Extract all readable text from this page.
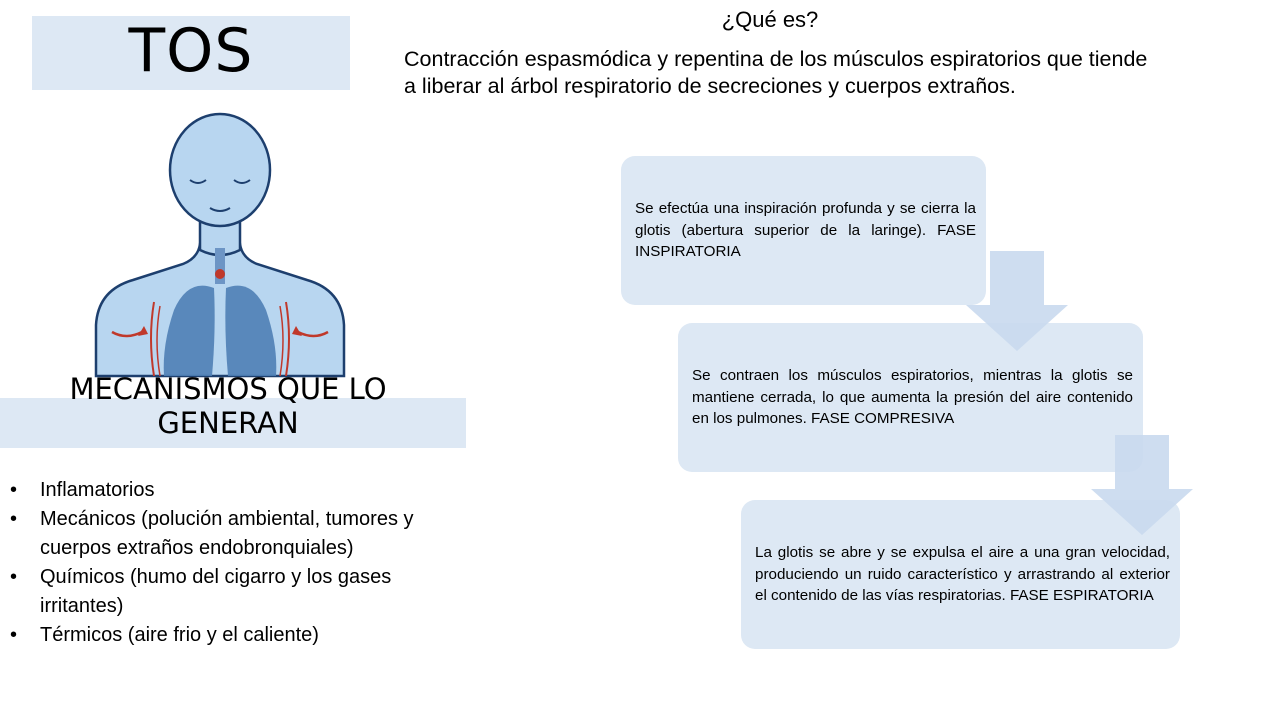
TOS	¿Qué es?
Contracción espasmódica y repentina de los músculos espiratorios que tiende a liberar al árbol respiratorio de secreciones y cuerpos extraños.
MECANISMOS QUE LO GENERAN
• Inflamatorios
• Mecánicos (polución ambiental, tumores y cuerpos extraños endobronquiales)
• Químicos (humo del cigarro y los gases irritantes)
• Térmicos (aire frio y el caliente)

Se efectúa una inspiración profunda y se cierra la glotis (abertura superior de la laringe). FASE INSPIRATORIA

Se contraen los músculos espiratorios, mientras la glotis se mantiene cerrada, lo que aumenta la presión del aire contenido en los pulmones. FASE COMPRESIVA

La glotis se abre y se expulsa el aire a una gran velocidad, produciendo un ruido característico y arrastrando al exterior el contenido de las vías respiratorias. FASE ESPIRATORIA
